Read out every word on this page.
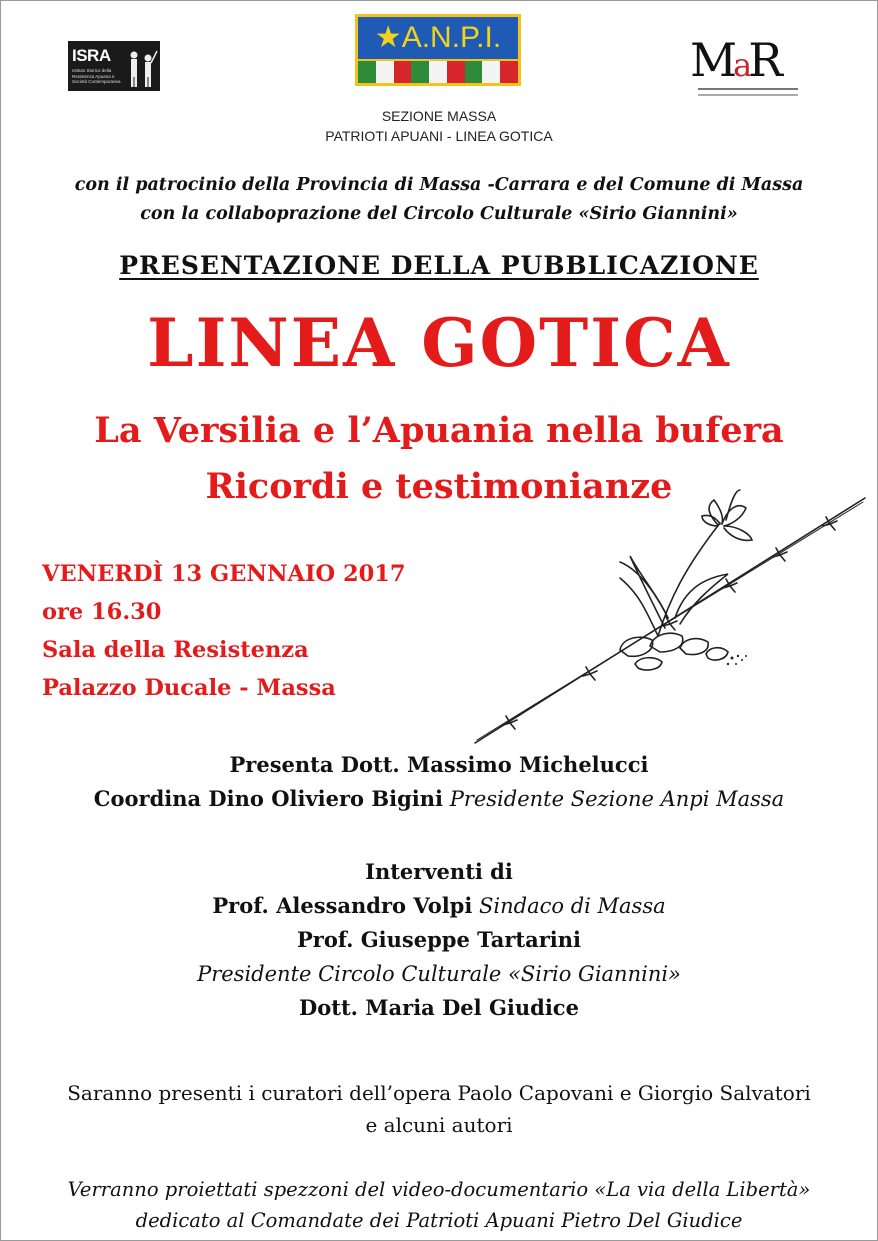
ISRA
Istituto Storico della Resistenza Apuana e Società Contemporanea
★A.N.P.I.	MaR
SEZIONE MASSA
PATRIOTI APUANI - LINEA GOTICA
con il patrocinio della Provincia di Massa -Carrara e del Comune di Massa
con la collaboprazione del Circolo Culturale «Sirio Giannini»
PRESENTAZIONE DELLA PUBBLICAZIONE
LINEA GOTICA
La Versilia e l’Apuania nella bufera
Ricordi e testimonianze
VENERDÌ 13 GENNAIO 2017
ore 16.30
Sala della Resistenza
Palazzo Ducale - Massa
Presenta Dott. Massimo Michelucci
Coordina Dino Oliviero Bigini Presidente Sezione Anpi Massa
Interventi di
Prof. Alessandro Volpi Sindaco di Massa
Prof. Giuseppe Tartarini
Presidente Circolo Culturale «Sirio Giannini»
Dott. Maria Del Giudice
Saranno presenti i curatori dell’opera Paolo Capovani e Giorgio Salvatori
e alcuni autori
Verranno proiettati spezzoni del video-documentario «La via della Libertà»
dedicato al Comandate dei Patrioti Apuani Pietro Del Giudice
